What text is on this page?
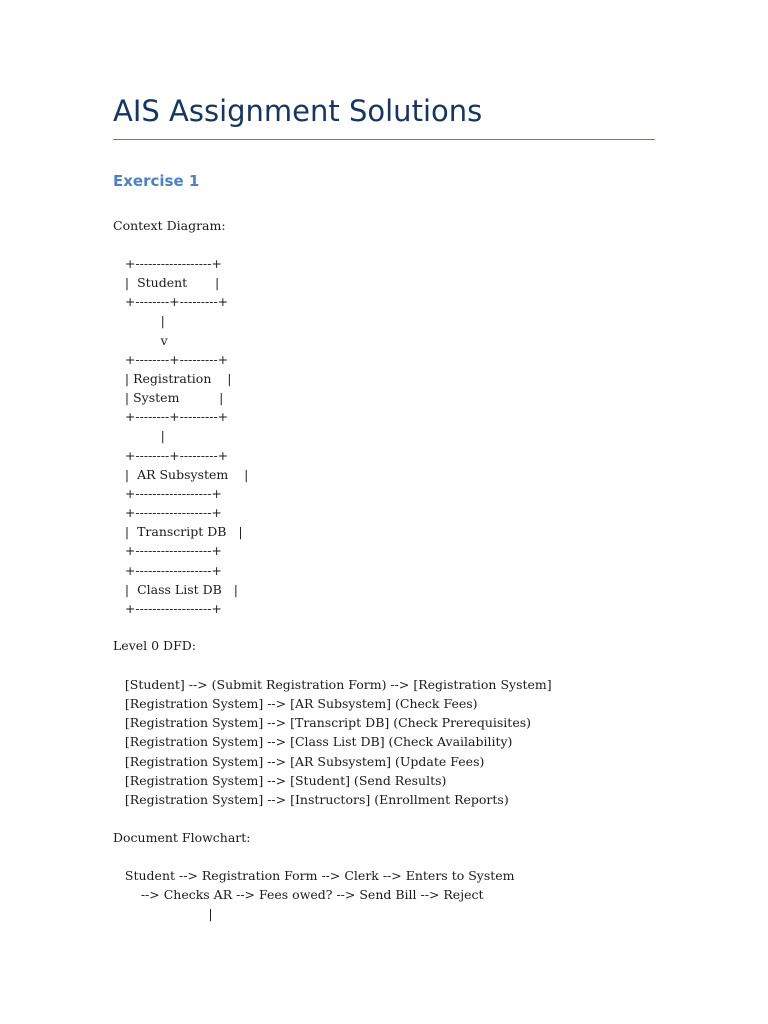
AIS Assignment Solutions
Exercise 1

Context Diagram:

+------------------+
|  Student       |
+--------+---------+
|
v
+--------+---------+
| Registration    |
| System          |
+--------+---------+
|
+--------+---------+
|  AR Subsystem    |
+------------------+
+------------------+
|  Transcript DB   |
+------------------+
+------------------+
|  Class List DB   |
+------------------+

Level 0 DFD:

[Student] --> (Submit Registration Form) --> [Registration System]
[Registration System] --> [AR Subsystem] (Check Fees)
[Registration System] --> [Transcript DB] (Check Prerequisites)
[Registration System] --> [Class List DB] (Check Availability)
[Registration System] --> [AR Subsystem] (Update Fees)
[Registration System] --> [Student] (Send Results)
[Registration System] --> [Instructors] (Enrollment Reports)

Document Flowchart:

Student --> Registration Form --> Clerk --> Enters to System
--> Checks AR --> Fees owed? --> Send Bill --> Reject
|
